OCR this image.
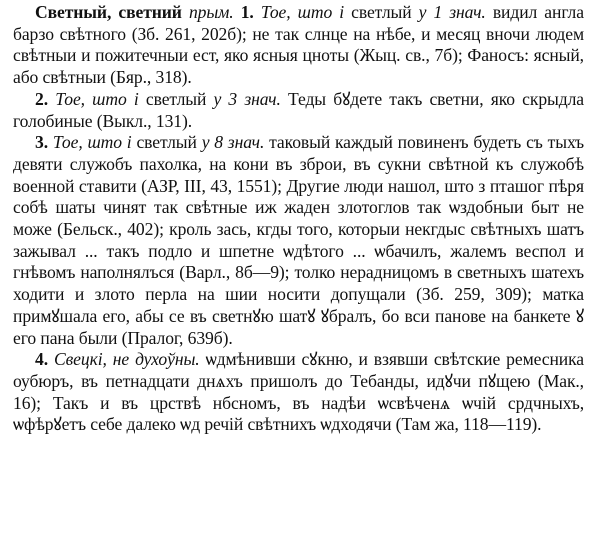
Светный, светний прым. 1. Тое, што і светлый у 1 знач. видил англа барзо свѣтного (Зб. 261, 202б); не так слнце на нѣбе, и месяц вночи людем свѣтныи и пожитечныи ест, яко ясныя цноты (Жыц. св., 7б); Фаносъ: ясный, або свѣтныи (Бяр., 318).

2. Тое, што і светлый у 3 знач. Теды бꙋдете такъ светни, яко скрыдла голобиные (Выкл., 131).

3. Тое, што і светлый у 8 знач. таковый каждый повиненъ будеть съ тыхъ девяти служобъ пахолка, на кони въ зброи, въ сукни свѣтной къ служобѣ военной ставити (АЗР, III, 43, 1551); Другие люди нашол, што з пташог пѣря собѣ шаты чинят так свѣтные иж жаден злотоглов так ѡздобныи быт не може (Бельск., 402); кроль зась, кгды того, которыи некгдыс свѣтныхъ шатъ зажывал ... такъ подло и шпетне ѡдѣтого ... ѡбачилъ, жалемъ веспол и гнѣвомъ наполнялъся (Варл., 8б—9); толко нерадницомъ в светныхъ шатехъ ходити и злото перла на шии носити допущали (Зб. 259, 309); матка примꙋшала его, абы се въ светнꙋю шатꙋ ꙋбралъ, бо вси панове на банкете ꙋ его пана были (Пралог, 639б).

4. Свецкі, не духоўны. ѡдмѣнивши сꙋкню, и взявши свѣтские ремесника оубюръ, въ петнадцати днѧхъ пришолъ до Тебанды, идꙋчи пꙋщею (Мак., 16); Такъ и въ црствѣ нбсномъ, въ надѣи ѡсвѣченѧ ѡчій срдчныхъ, ѡфѣрꙋетъ себе далеко ѡд речій свѣтнихъ ѡдходячи (Там жа, 118—119).
